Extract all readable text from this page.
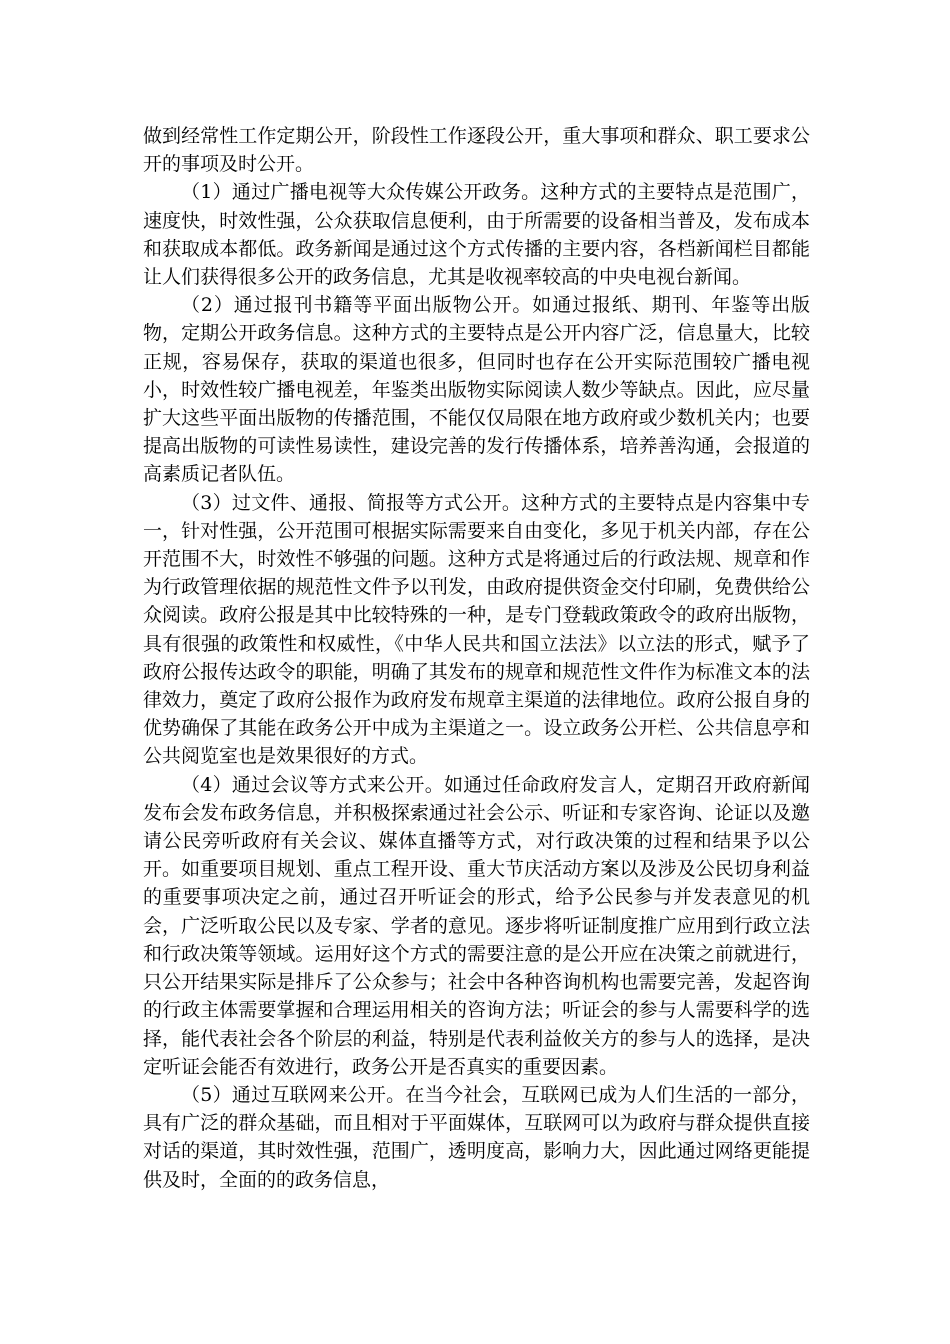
做到经常性工作定期公开，阶段性工作逐段公开，重大事项和群众、职工要求公开的事项及时公开。

（1）通过广播电视等大众传媒公开政务。这种方式的主要特点是范围广，速度快，时效性强，公众获取信息便利，由于所需要的设备相当普及，发布成本和获取成本都低。政务新闻是通过这个方式传播的主要内容，各档新闻栏目都能让人们获得很多公开的政务信息，尤其是收视率较高的中央电视台新闻。

（2）通过报刊书籍等平面出版物公开。如通过报纸、期刊、年鉴等出版物，定期公开政务信息。这种方式的主要特点是公开内容广泛，信息量大，比较正规，容易保存，获取的渠道也很多，但同时也存在公开实际范围较广播电视小，时效性较广播电视差，年鉴类出版物实际阅读人数少等缺点。因此，应尽量扩大这些平面出版物的传播范围，不能仅仅局限在地方政府或少数机关内；也要提高出版物的可读性易读性，建设完善的发行传播体系，培养善沟通，会报道的高素质记者队伍。

（3）过文件、通报、简报等方式公开。这种方式的主要特点是内容集中专一，针对性强，公开范围可根据实际需要来自由变化，多见于机关内部，存在公开范围不大，时效性不够强的问题。这种方式是将通过后的行政法规、规章和作为行政管理依据的规范性文件予以刊发，由政府提供资金交付印刷，免费供给公众阅读。政府公报是其中比较特殊的一种，是专门登载政策政令的政府出版物，具有很强的政策性和权威性，《中华人民共和国立法法》以立法的形式，赋予了政府公报传达政令的职能，明确了其发布的规章和规范性文件作为标准文本的法律效力，奠定了政府公报作为政府发布规章主渠道的法律地位。政府公报自身的优势确保了其能在政务公开中成为主渠道之一。设立政务公开栏、公共信息亭和公共阅览室也是效果很好的方式。

（4）通过会议等方式来公开。如通过任命政府发言人，定期召开政府新闻发布会发布政务信息，并积极探索通过社会公示、听证和专家咨询、论证以及邀请公民旁听政府有关会议、媒体直播等方式，对行政决策的过程和结果予以公开。如重要项目规划、重点工程开设、重大节庆活动方案以及涉及公民切身利益的重要事项决定之前，通过召开听证会的形式，给予公民参与并发表意见的机会，广泛听取公民以及专家、学者的意见。逐步将听证制度推广应用到行政立法和行政决策等领域。运用好这个方式的需要注意的是公开应在决策之前就进行，只公开结果实际是排斥了公众参与；社会中各种咨询机构也需要完善，发起咨询的行政主体需要掌握和合理运用相关的咨询方法；听证会的参与人需要科学的选择，能代表社会各个阶层的利益，特别是代表利益攸关方的参与人的选择，是决定听证会能否有效进行，政务公开是否真实的重要因素。

（5）通过互联网来公开。在当今社会，互联网已成为人们生活的一部分，具有广泛的群众基础，而且相对于平面媒体，互联网可以为政府与群众提供直接对话的渠道，其时效性强，范围广，透明度高，影响力大，因此通过网络更能提供及时，全面的的政务信息，
